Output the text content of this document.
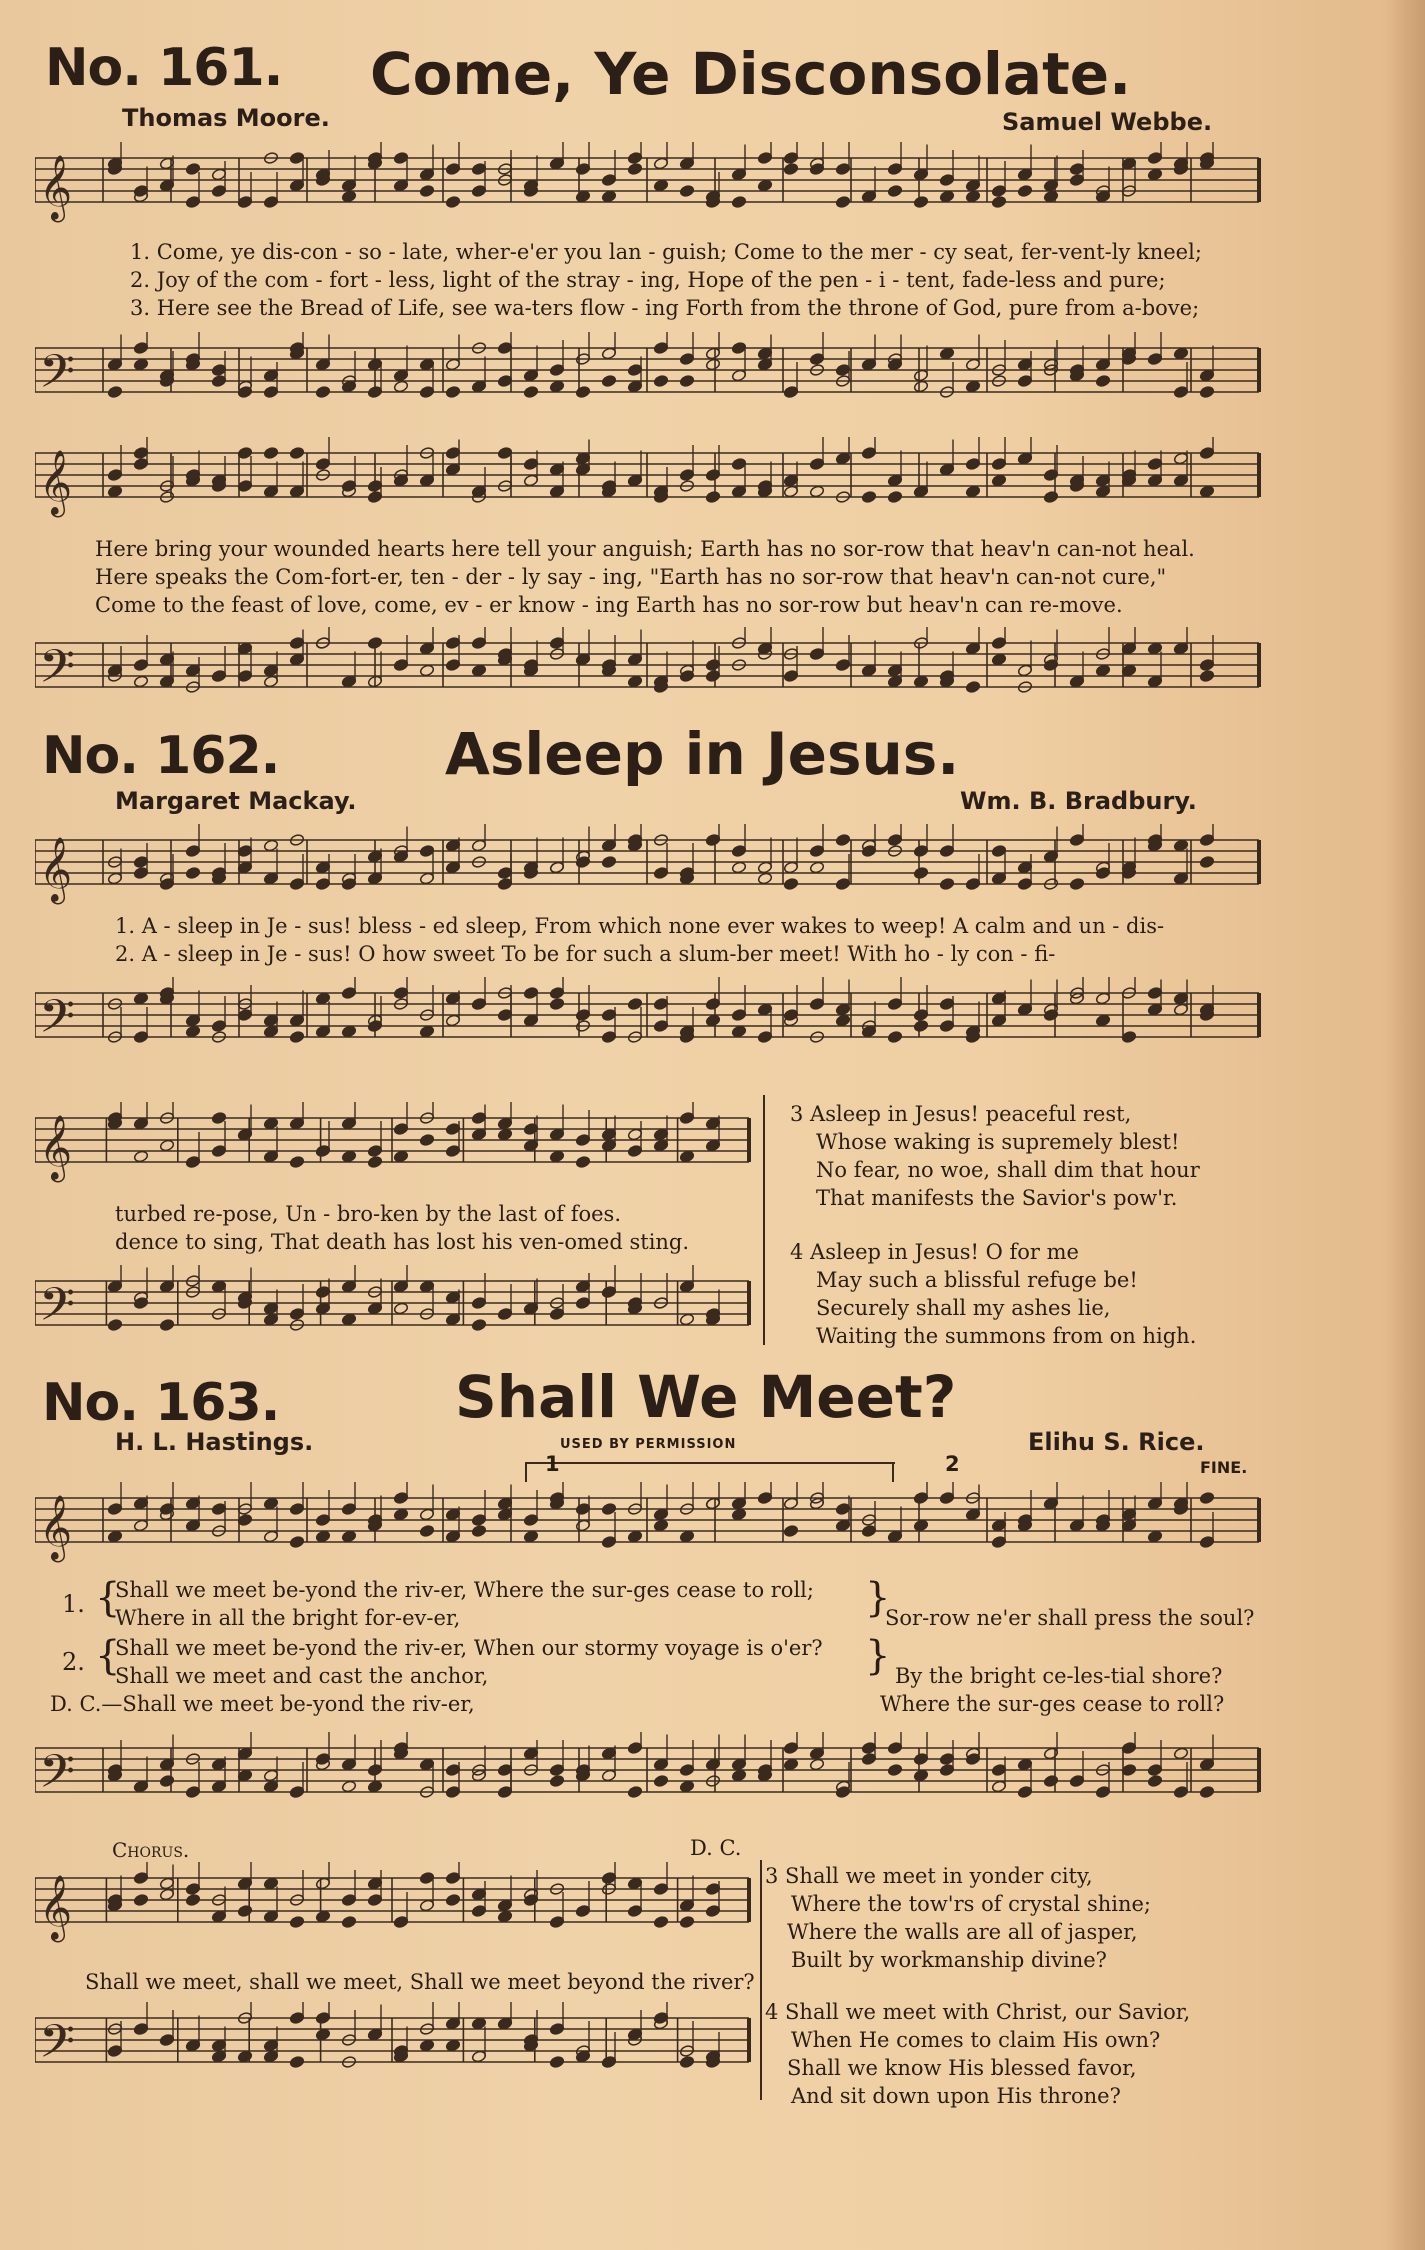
No. 161. Come, Ye Disconsolate.
Thomas Moore.	Samuel Webbe.
𝄞
1. Come, ye dis-con - so - late, wher-e'er you lan - guish; Come to the mer - cy seat, fer-vent-ly kneel;
2. Joy of the com - fort - less, light of the stray - ing, Hope of the pen - i - tent, fade-less and pure;
3. Here see the Bread of Life, see wa-ters flow - ing Forth from the throne of God, pure from a-bove;
𝄢
𝄞
Here bring your wounded hearts here tell your anguish; Earth has no sor-row that heav'n can-not heal.
Here speaks the Com-fort-er, ten - der - ly say - ing, "Earth has no sor-row that heav'n can-not cure,"
Come to the feast of love, come, ev - er know - ing Earth has no sor-row but heav'n can re-move.
𝄢
No. 162.	Asleep in Jesus.
Margaret Mackay.	Wm. B. Bradbury.
𝄞
1. A - sleep in Je - sus! bless - ed sleep, From which none ever wakes to weep! A calm and un - dis-
2. A - sleep in Je - sus! O how sweet To be for such a slum-ber meet! With ho - ly con - fi-
𝄢
𝄞
turbed re-pose, Un - bro-ken by the last of foes.
dence to sing, That death has lost his ven-omed sting.
𝄢
3 Asleep in Jesus! peaceful rest,
Whose waking is supremely blest!
No fear, no woe, shall dim that hour
That manifests the Savior's pow'r.
4 Asleep in Jesus! O for me
May such a blissful refuge be!
Securely shall my ashes lie,
Waiting the summons from on high.
No. 163.	Shall We Meet?
H. L. Hastings.	USED BY PERMISSION	Elihu S. Rice.
1	2	FINE.
𝄞
1. {
Shall we meet be-yond the riv-er, Where the sur-ges cease to roll;
Where in all the bright for-ev-er,	}
Sor-row ne'er shall press the soul?
2. {
Shall we meet be-yond the riv-er, When our stormy voyage is o'er?
Shall we meet and cast the anchor,	} By the bright ce-les-tial shore?
D. C.—Shall we meet be-yond the riv-er,	Where the sur-ges cease to roll?
𝄢
Chorus.	D. C.
𝄞
Shall we meet, shall we meet, Shall we meet beyond the river?
𝄢
3 Shall we meet in yonder city,
Where the tow'rs of crystal shine;
Where the walls are all of jasper,
Built by workmanship divine?
4 Shall we meet with Christ, our Savior,
When He comes to claim His own?
Shall we know His blessed favor,
And sit down upon His throne?
